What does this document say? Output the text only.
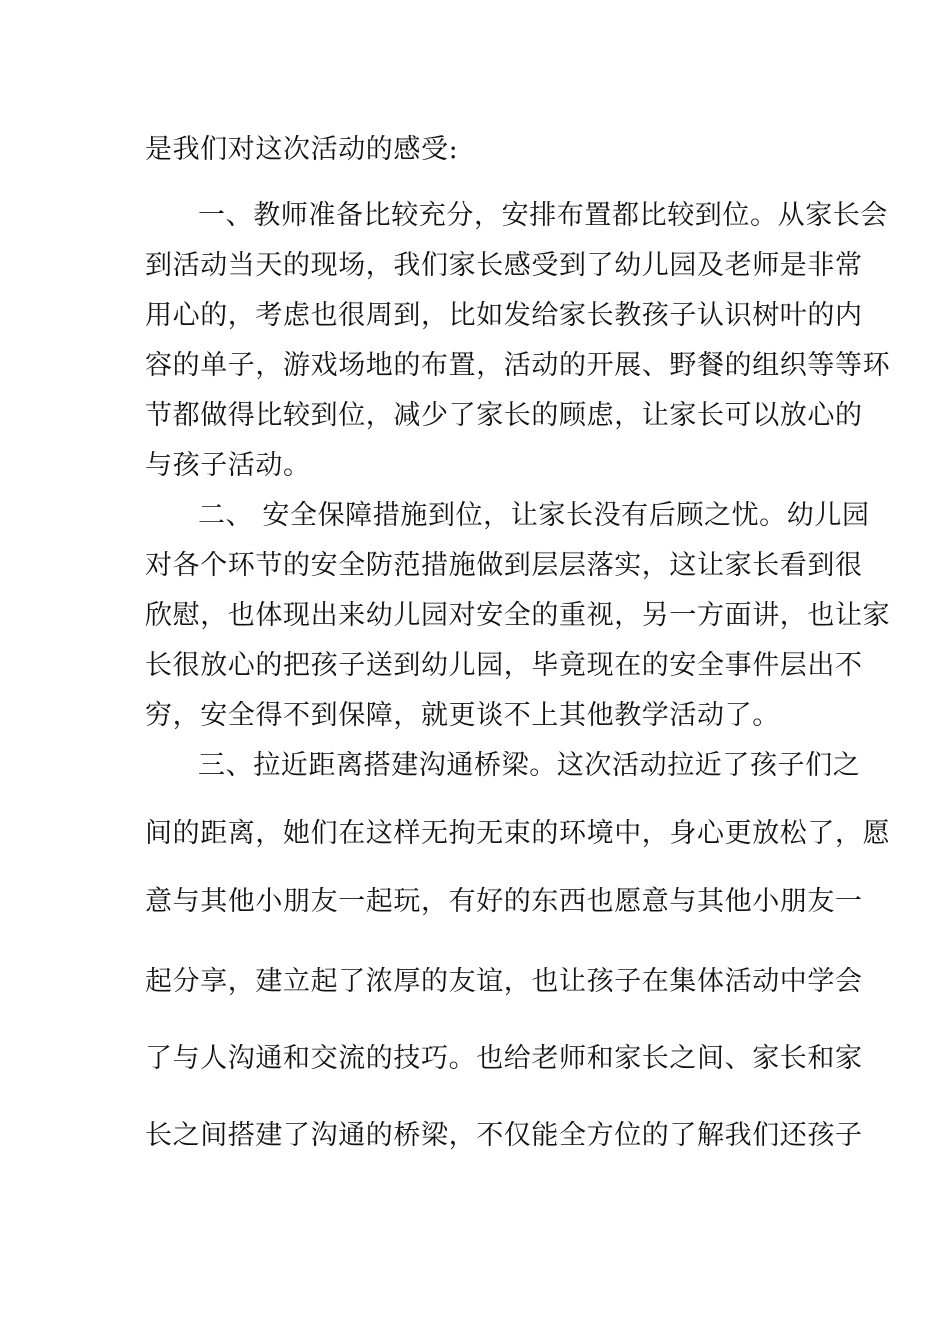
是我们对这次活动的感受:
一、教师准备比较充分，安排布置都比较到位。从家长会
到活动当天的现场，我们家长感受到了幼儿园及老师是非常
用心的，考虑也很周到，比如发给家长教孩子认识树叶的内
容的单子，游戏场地的布置，活动的开展、野餐的组织等等环
节都做得比较到位，减少了家长的顾虑，让家长可以放心的
与孩子活动。
二、 安全保障措施到位，让家长没有后顾之忧。幼儿园
对各个环节的安全防范措施做到层层落实，这让家长看到很
欣慰，也体现出来幼儿园对安全的重视，另一方面讲，也让家
长很放心的把孩子送到幼儿园，毕竟现在的安全事件层出不
穷，安全得不到保障，就更谈不上其他教学活动了。
三、拉近距离搭建沟通桥梁。这次活动拉近了孩子们之
间的距离，她们在这样无拘无束的环境中，身心更放松了，愿
意与其他小朋友一起玩，有好的东西也愿意与其他小朋友一
起分享，建立起了浓厚的友谊，也让孩子在集体活动中学会
了与人沟通和交流的技巧。也给老师和家长之间、家长和家
长之间搭建了沟通的桥梁，不仅能全方位的了解我们还孩子
